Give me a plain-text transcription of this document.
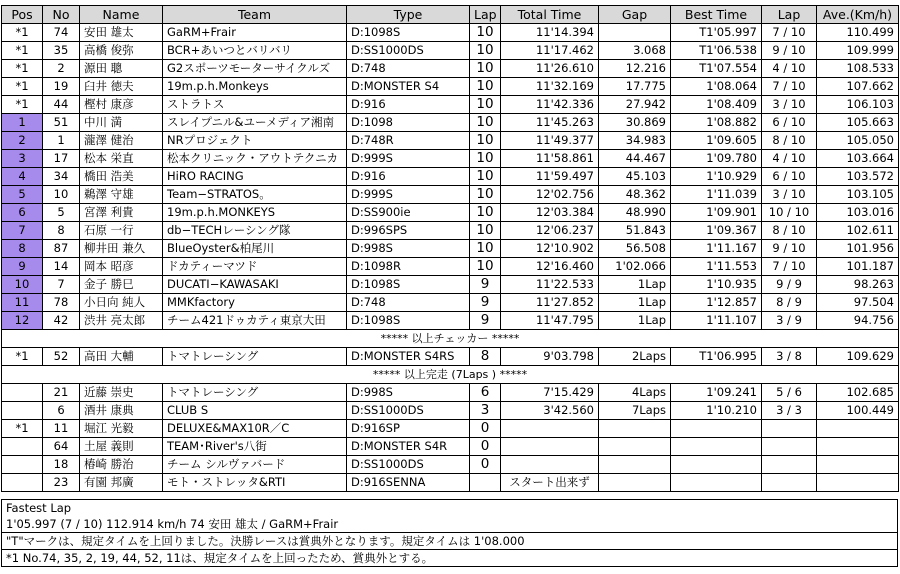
Pos	No	Name	Team	Type	Lap	Total Time	Gap	Best Time	Lap	Ave.(Km/h)
*1	74	安田 雄太	GaRM+Frair	D:1098S	10	11'14.394		T1'05.997	7 / 10	110.499
*1	35	高橋 俊弥	BCR+あいつとバリバリ	D:SS1000DS	10	11'17.462	3.068	T1'06.538	9 / 10	109.999
*1	2	源田 聰	G2スポーツモーターサイクルズ	D:748	10	11'26.610	12.216	T1'07.554	4 / 10	108.533
*1	19	臼井 徳夫	19m.p.h.Monkeys	D:MONSTER S4	10	11'32.169	17.775	1'08.064	7 / 10	107.662
*1	44	樫村 康彦	ストラトス	D:916	10	11'42.336	27.942	1'08.409	3 / 10	106.103
1	51	中川 満	スレイプニル&ユーメディア湘南	D:1098	10	11'45.263	30.869	1'08.882	6 / 10	105.663
2	1	瀧澤 健治	NRプロジェクト	D:748R	10	11'49.377	34.983	1'09.605	8 / 10	105.050
3	17	松本 栄直	松本クリニック・アウトテクニカ	D:999S	10	11'58.861	44.467	1'09.780	4 / 10	103.664
4	34	橋田 浩美	HiRO RACING	D:916	10	11'59.497	45.103	1'10.929	6 / 10	103.572
5	10	鵜澤 守雄	Team−STRATOS。	D:999S	10	12'02.756	48.362	1'11.039	3 / 10	103.105
6	5	宮澤 利貴	19m.p.h.MONKEYS	D:SS900ie	10	12'03.384	48.990	1'09.901	10 / 10	103.016
7	8	石原 一行	db−TECHレーシング隊	D:996SPS	10	12'06.237	51.843	1'09.367	8 / 10	102.611
8	87	柳井田 兼久	BlueOyster&柏尾川	D:998S	10	12'10.902	56.508	1'11.167	9 / 10	101.956
9	14	岡本 昭彦	ドカティーマツド	D:1098R	10	12'16.460	1'02.066	1'11.553	7 / 10	101.187
10	7	金子 勝巳	DUCATI−KAWASAKI	D:1098S	9	11'22.533	1Lap	1'10.935	9 / 9	98.263
11	78	小日向 純人	MMKfactory	D:748	9	11'27.852	1Lap	1'12.857	8 / 9	97.504
12	42	渋井 亮太郎	チーム421ドゥカティ東京大田	D:1098S	9	11'47.795	1Lap	1'11.107	3 / 9	94.756
***** 以上チェッカー *****										
*1	52	高田 大輔	トマトレーシング	D:MONSTER S4RS	8	9'03.798	2Laps	T1'06.995	3 / 8	109.629
***** 以上完走 (7Laps ) *****										
	21	近藤 崇史	トマトレーシング	D:998S	6	7'15.429	4Laps	1'09.241	5 / 6	102.685
	6	酒井 康典	CLUB S	D:SS1000DS	3	3'42.560	7Laps	1'10.210	3 / 3	100.449
*1	11	堀江 光毅	DELUXE&MAX10R／C	D:916SP	0					
	64	土屋 義則	TEAM･River's八街	D:MONSTER S4R	0					
	18	椿崎 勝治	チーム シルヴァバード	D:SS1000DS	0					
	23	有園 邦廣	モト・ストレッタ&RTI	D:916SENNA		スタート出来ず				
Fastest Lap
1'05.997 (7 / 10) 112.914 km/h 74 安田 雄太 / GaRM+Frair
"T"マークは、規定タイムを上回りました。決勝レースは賞典外となります。規定タイムは 1'08.000
*1 No.74, 35, 2, 19, 44, 52, 11は、規定タイムを上回ったため、賞典外とする。
